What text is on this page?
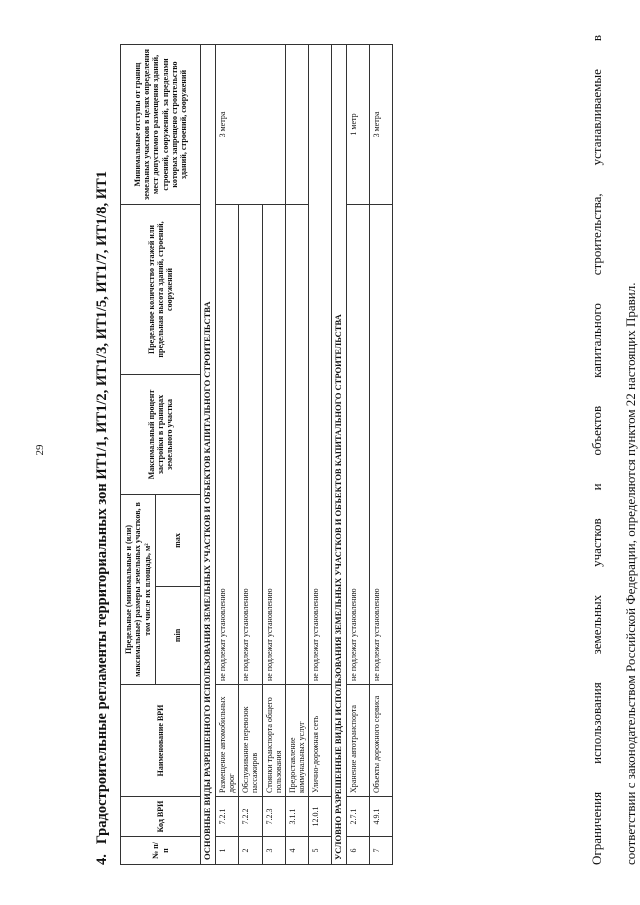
29
4.Градостроительные регламенты территориальных зон ИТ1/1, ИТ1/2, ИТ1/3, ИТ1/5, ИТ1/7, ИТ1/8, ИТ1
№ п/п	Код ВРИ	Наименование ВРИ	Предельные (минимальные и (или) максимальные) размеры земельных участков, в том числе их площадь, м²		Максимальный процент застройки в границах земельного участка	Предельное количество этажей или предельная высота зданий, строений, сооружений	Минимальные отступы от границ земельных участков в целях определения мест допустимого размещения зданий, строений, сооружений, за пределами которых запрещено строительство зданий, строений, сооружений
			min	max			
ОСНОВНЫЕ ВИДЫ РАЗРЕШЕННОГО ИСПОЛЬЗОВАНИЯ ЗЕМЕЛЬНЫХ УЧАСТКОВ И ОБЪЕКТОВ КАПИТАЛЬНОГО СТРОИТЕЛЬСТВА							
1	7.2.1	Размещение автомобильных дорог	не подлежат установлению				3 метра
2	7.2.2	Обслуживание перевозок пассажиров	не подлежат установлению				
3	7.2.3	Стоянки транспорта общего пользования	не подлежат установлению				
4	3.1.1	Предоставление коммунальных услуг					
5	12.0.1	Улично-дорожная сеть	не подлежат установлению				
УСЛОВНО РАЗРЕШЕННЫЕ ВИДЫ ИСПОЛЬЗОВАНИЯ ЗЕМЕЛЬНЫХ УЧАСТКОВ И ОБЪЕКТОВ КАПИТАЛЬНОГО СТРОИТЕЛЬСТВА							
6	2.7.1	Хранение автотранспорта	не подлежат установлению				1 метр
7	4.9.1	Объекты дорожного сервиса	не подлежат установлению				3 метра	Ограничения использования земельных участков и объектов капитального строительства, устанавливаемые в	соответствии с законодательством Российской Федерации, определяются пунктом 22 настоящих Правил.
